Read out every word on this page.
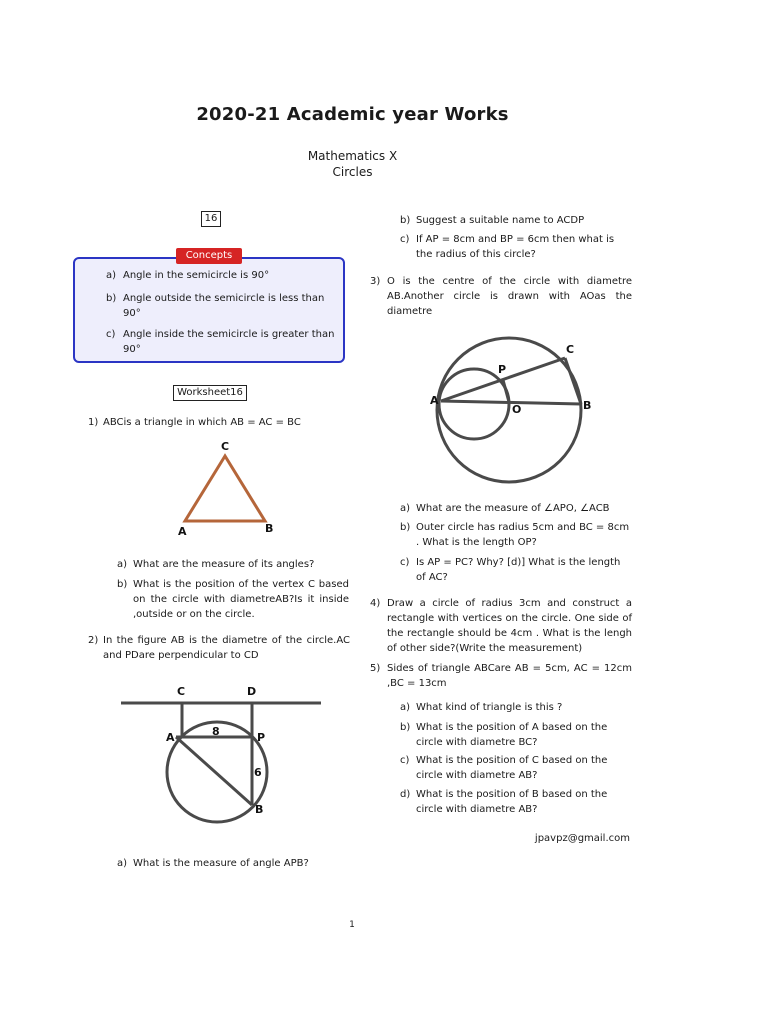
2020-21 Academic year Works
Mathematics X
Circles
16
Concepts
a) Angle in the semicircle is 90°
b) Angle outside the semicircle is less than 90°
c) Angle inside the semicircle is greater than 90°
Worksheet16
1) ABCis a triangle in which AB = AC = BC
C
A	B
a) What are the measure of its angles?
b) What is the position of the vertex C based on the circle with diametreAB?Is it inside ,outside or on the circle.
2) In the figure AB is the diametre of the circle.AC and PDare perpendicular to CD
C	D
A	P
B
8
6
a) What is the measure of angle APB?
b) Suggest a suitable name to ACDP
c) If AP = 8cm and BP = 6cm then what is the radius of this circle?
3) O is the centre of the circle with diametre AB.Another circle is drawn with AOas the diametre
A	B
C
O
P
a) What are the measure of ∠APO, ∠ACB
b) Outer circle has radius 5cm and BC = 8cm . What is the length OP?
c) Is AP = PC? Why? [d)] What is the length of AC?
4) Draw a circle of radius 3cm and construct a rectangle with vertices on the circle. One side of the rectangle should be 4cm . What is the lengh of other side?(Write the measurement)
5) Sides of triangle ABCare AB = 5cm, AC = 12cm ,BC = 13cm
a) What kind of triangle is this ?
b) What is the position of A based on the circle with diametre BC?
c) What is the position of C based on the circle with diametre AB?
d) What is the position of B based on the circle with diametre AB?
jpavpz@gmail.com
1
